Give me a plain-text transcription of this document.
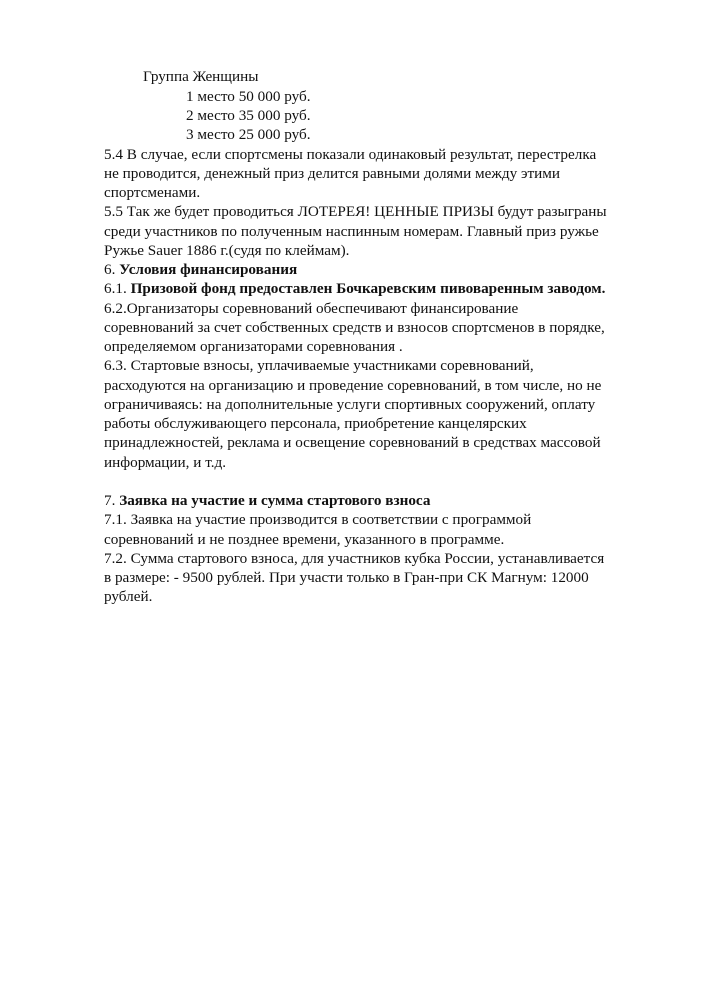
Группа Женщины
1 место 50 000 руб.
2 место 35 000 руб.
3 место 25 000 руб.
5.4 В случае, если спортсмены показали одинаковый результат, перестрелка
не проводится, денежный приз делится равными долями между этими
спортсменами.
5.5 Так же будет проводиться ЛОТЕРЕЯ! ЦЕННЫЕ ПРИЗЫ будут разыграны
среди участников по полученным наспинным номерам. Главный приз ружье
Ружье Sauer 1886 г.(судя по клеймам).
6. Условия финансирования
6.1. Призовой фонд предоставлен Бочкаревским пивоваренным заводом.
6.2.Организаторы соревнований обеспечивают финансирование
соревнований за счет собственных средств и взносов спортсменов в порядке,
определяемом организаторами соревнования .
6.3. Стартовые взносы, уплачиваемые участниками соревнований,
расходуются на организацию и проведение соревнований, в том числе, но не
ограничиваясь: на дополнительные услуги спортивных сооружений, оплату
работы обслуживающего персонала, приобретение канцелярских
принадлежностей, реклама и освещение соревнований в средствах массовой
информации, и т.д.
7. Заявка на участие и сумма стартового взноса
7.1. Заявка на участие производится в соответствии с программой
соревнований и не позднее времени, указанного в программе.
7.2. Сумма стартового взноса, для участников кубка России, устанавливается
в размере: - 9500 рублей. При участи только в Гран-при СК Магнум: 12000
рублей.
